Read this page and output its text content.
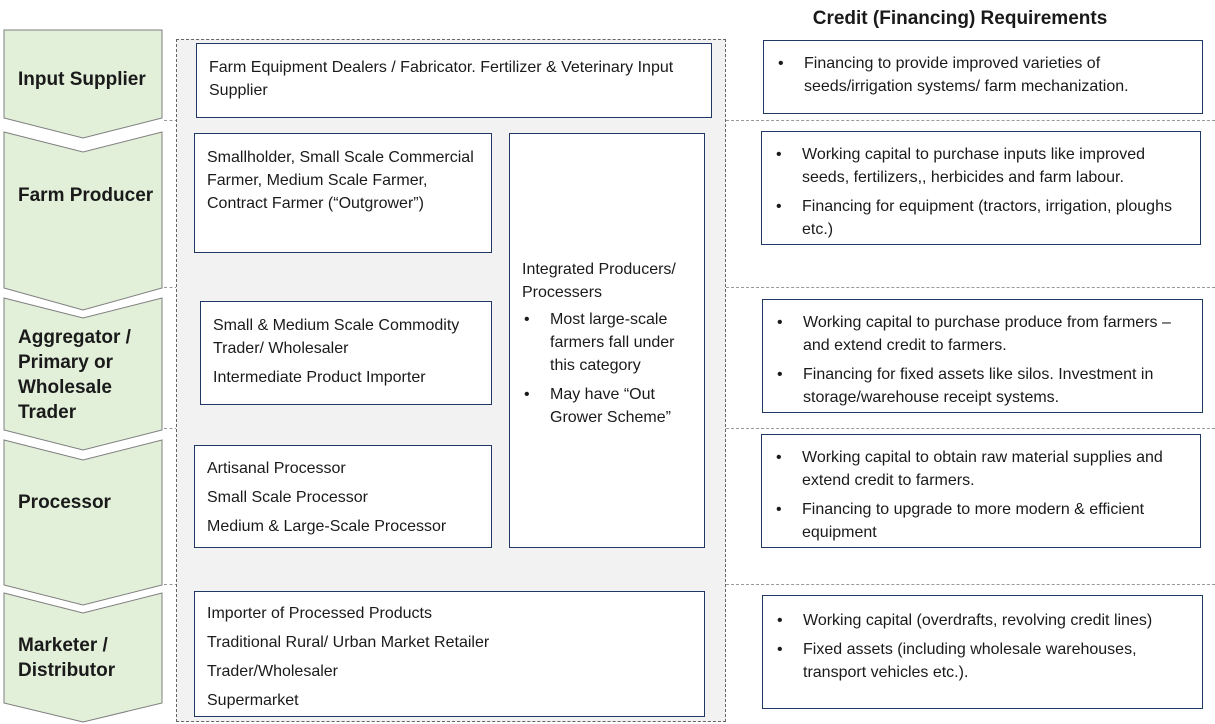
Input Supplier
Farm Producer
Aggregator / Primary or Wholesale Trader
Processor
Marketer / Distributor
Farm Equipment Dealers / Fabricator. Fertilizer & Veterinary Input Supplier
Smallholder, Small Scale Commercial Farmer, Medium Scale Farmer, Contract Farmer (“Outgrower”)
Small & Medium Scale Commodity Trader/ Wholesaler
Intermediate Product Importer
Artisanal Processor
Small Scale Processor
Medium & Large-Scale Processor
Integrated Producers/ Processers
• Most large-scale farmers fall under this category
• May have “Out Grower Scheme”
Importer of Processed Products
Traditional Rural/ Urban Market Retailer
Trader/Wholesaler
Supermarket
Credit (Financing) Requirements
• Financing to provide improved varieties of seeds/irrigation systems/ farm mechanization.
• Working capital to purchase inputs like improved seeds, fertilizers,, herbicides and farm labour.
• Financing for equipment (tractors, irrigation, ploughs etc.)
• Working capital to purchase produce from farmers – and extend credit to farmers.
• Financing for fixed assets like silos. Investment in storage/warehouse receipt systems.
• Working capital to obtain raw material supplies and extend credit to farmers.
• Financing to upgrade to more modern & efficient equipment
• Working capital (overdrafts, revolving credit lines)
• Fixed assets (including wholesale warehouses, transport vehicles etc.).
